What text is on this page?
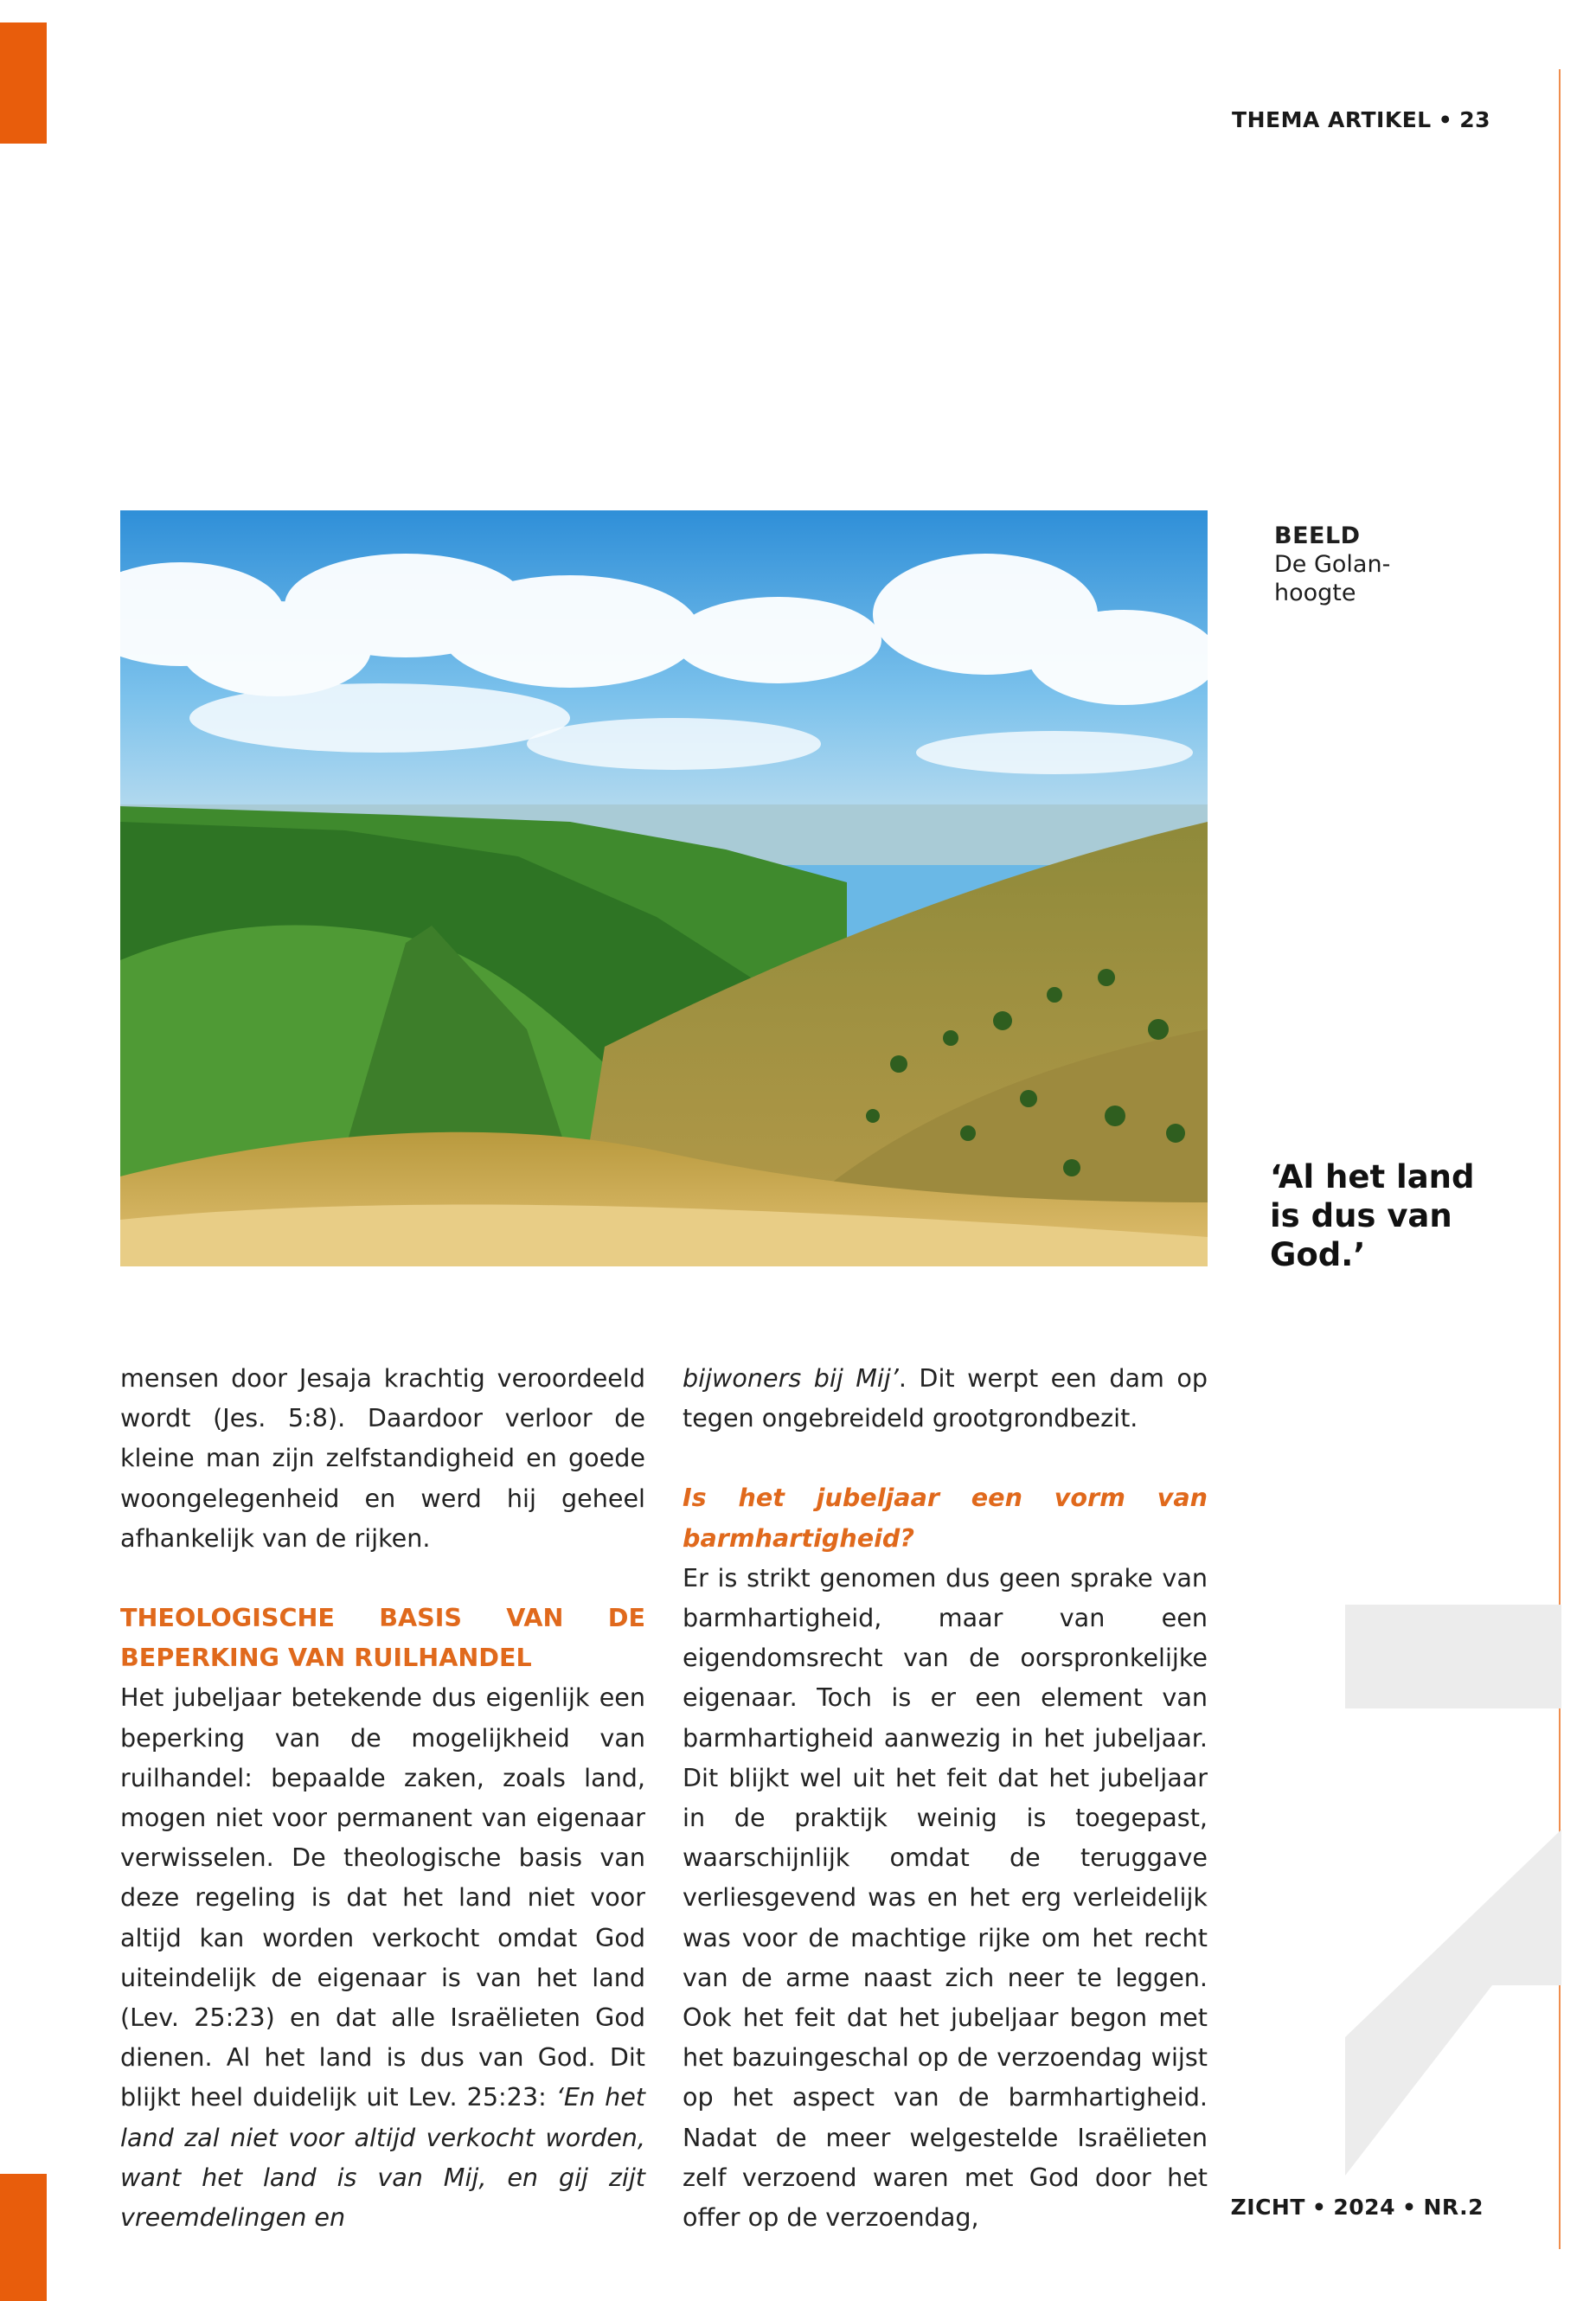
THEMA ARTIKEL • 23
BEELD
De Golan-
hoogte
‘Al het land
is dus van
God.’

mensen door Jesaja krachtig veroordeeld wordt (Jes. 5:8). Daardoor verloor de kleine man zijn zelfstandigheid en goede woongelegenheid en werd hij geheel afhankelijk van de rijken.

THEOLOGISCHE BASIS VAN DE BEPERKING VAN RUILHANDEL

Het jubeljaar betekende dus eigenlijk een beperking van de mogelijkheid van ruilhandel: bepaalde zaken, zoals land, mogen niet voor permanent van eigenaar verwisselen. De theologische basis van deze regeling is dat het land niet voor altijd kan worden verkocht omdat God uiteindelijk de eigenaar is van het land (Lev. 25:23) en dat alle Israëlieten God dienen. Al het land is dus van God. Dit blijkt heel duidelijk uit Lev. 25:23: ‘En het land zal niet voor altijd verkocht worden, want het land is van Mij, en gij zijt vreemdelingen en

bijwoners bij Mij’. Dit werpt een dam op tegen ongebreideld grootgrondbezit.

Is het jubeljaar een vorm van barmhartigheid?

Er is strikt genomen dus geen sprake van barmhartigheid, maar van een eigendomsrecht van de oorspronkelijke eigenaar. Toch is er een element van barmhartigheid aanwezig in het jubeljaar. Dit blijkt wel uit het feit dat het jubeljaar in de praktijk weinig is toegepast, waarschijnlijk omdat de teruggave verliesgevend was en het erg verleidelijk was voor de machtige rijke om het recht van de arme naast zich neer te leggen. Ook het feit dat het jubeljaar begon met het bazuingeschal op de verzoendag wijst op het aspect van de barmhartigheid. Nadat de meer welgestelde Israëlieten zelf verzoend waren met God door het offer op de verzoendag,	ZICHT • 2024 • NR.2
